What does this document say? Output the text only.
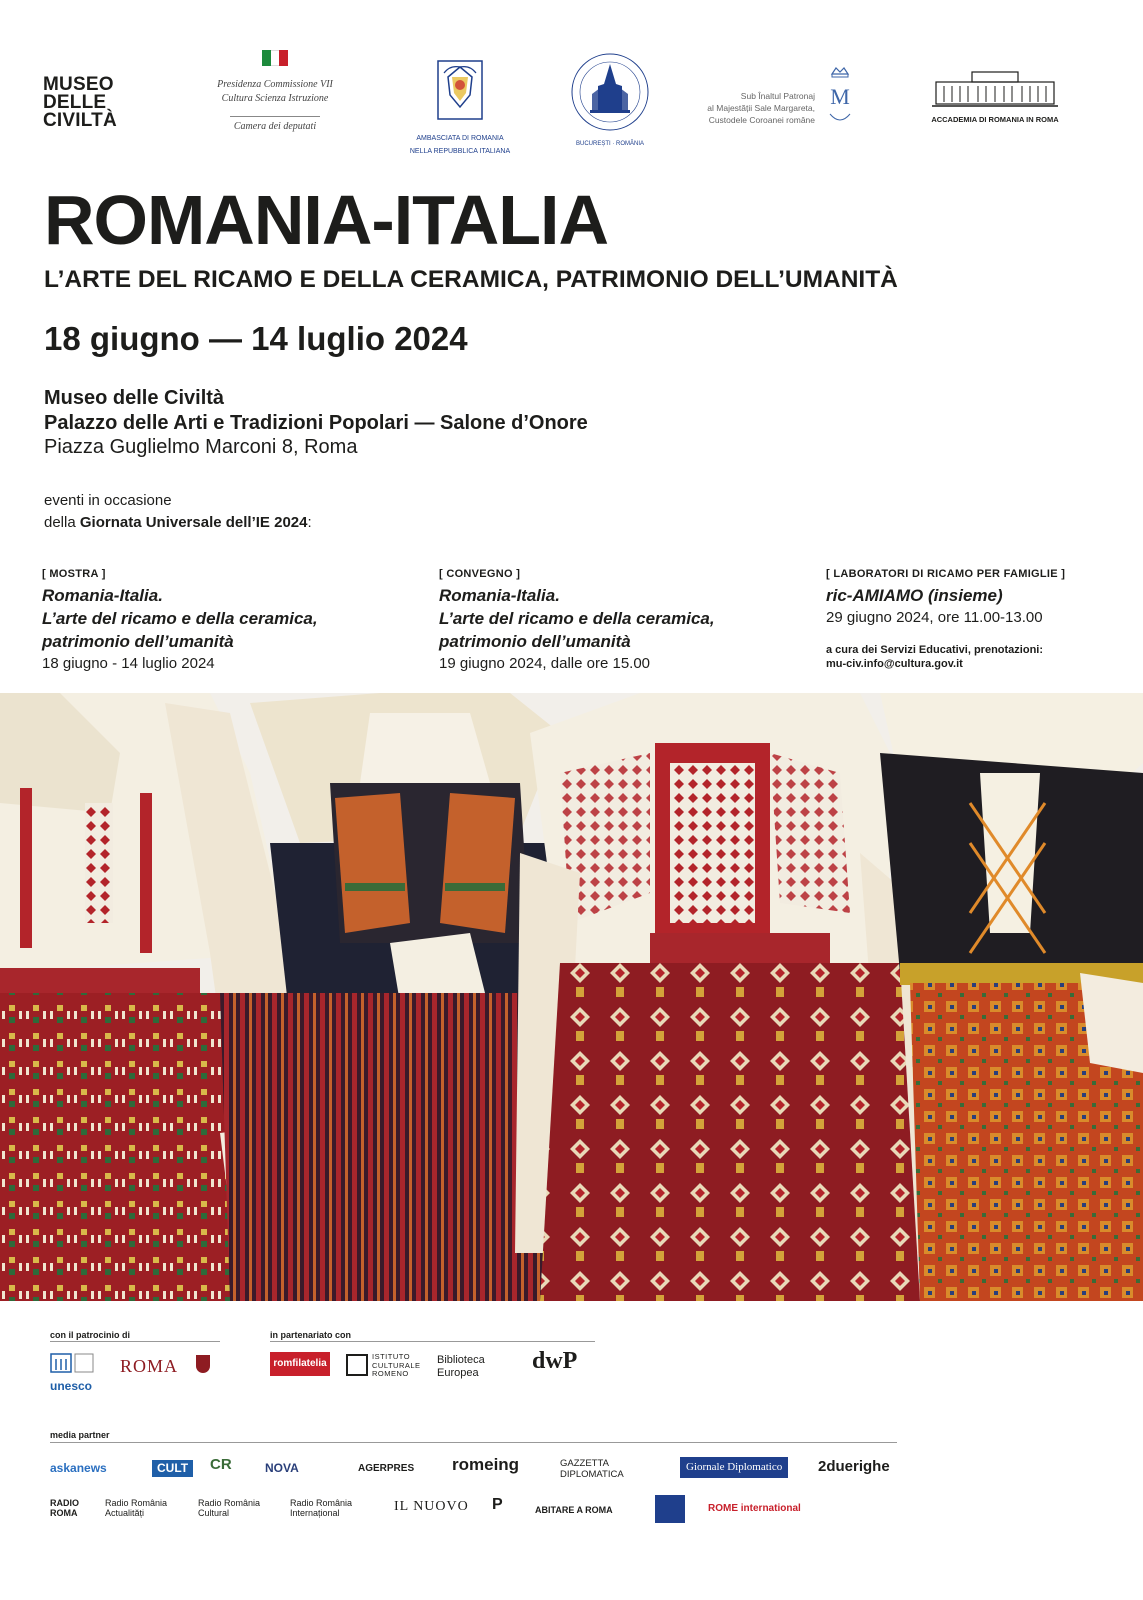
MUSEO
DELLE
CIVILTÀ
Presidenza Commissione VII
Cultura Scienza Istruzione
Camera dei deputati
AMBASCIATA DI ROMANIA
NELLA REPUBBLICA ITALIANA
BUCUREȘTI · ROMÂNIA
Sub Înaltul Patronaj
al Majestății Sale Margareta,
Custodele Coroanei române
M
ACCADEMIA DI ROMANIA IN ROMA
ROMANIA-ITALIA
L’ARTE DEL RICAMO E DELLA CERAMICA, PATRIMONIO DELL’UMANITÀ
18 giugno — 14 luglio 2024
Museo delle Civiltà
Palazzo delle Arti e Tradizioni Popolari — Salone d’Onore
Piazza Guglielmo Marconi 8, Roma
eventi in occasione
della Giornata Universale dell’IE 2024:
[ MOSTRA ]
Romania-Italia.
L’arte del ricamo e della ceramica,
patrimonio dell’umanità
18 giugno - 14 luglio 2024
[ CONVEGNO ]
Romania-Italia.
L’arte del ricamo e della ceramica,
patrimonio dell’umanità
19 giugno 2024, dalle ore 15.00
[ LABORATORI DI RICAMO PER FAMIGLIE ]
ric-AMIAMO (insieme)
29 giugno 2024, ore 11.00-13.00
a cura dei Servizi Educativi, prenotazioni:
mu-civ.info@cultura.gov.it
con il patrocinio di
unesco
ROMA
in partenariato con
romfilatelia
ISTITUTO
CULTURALE
ROMENO
Biblioteca
Europea dwP
media partner
askanews	CULT	CR	NOVA	AGERPRES romeing	GAZZETTA DIPLOMATICA
Giornale Diplomatico	2duerighe
RADIO ROMA
Radio România Actualități
Radio România Cultural
Radio România Internațional	IL NUOVO P	ABITARE A ROMA	ROME international
